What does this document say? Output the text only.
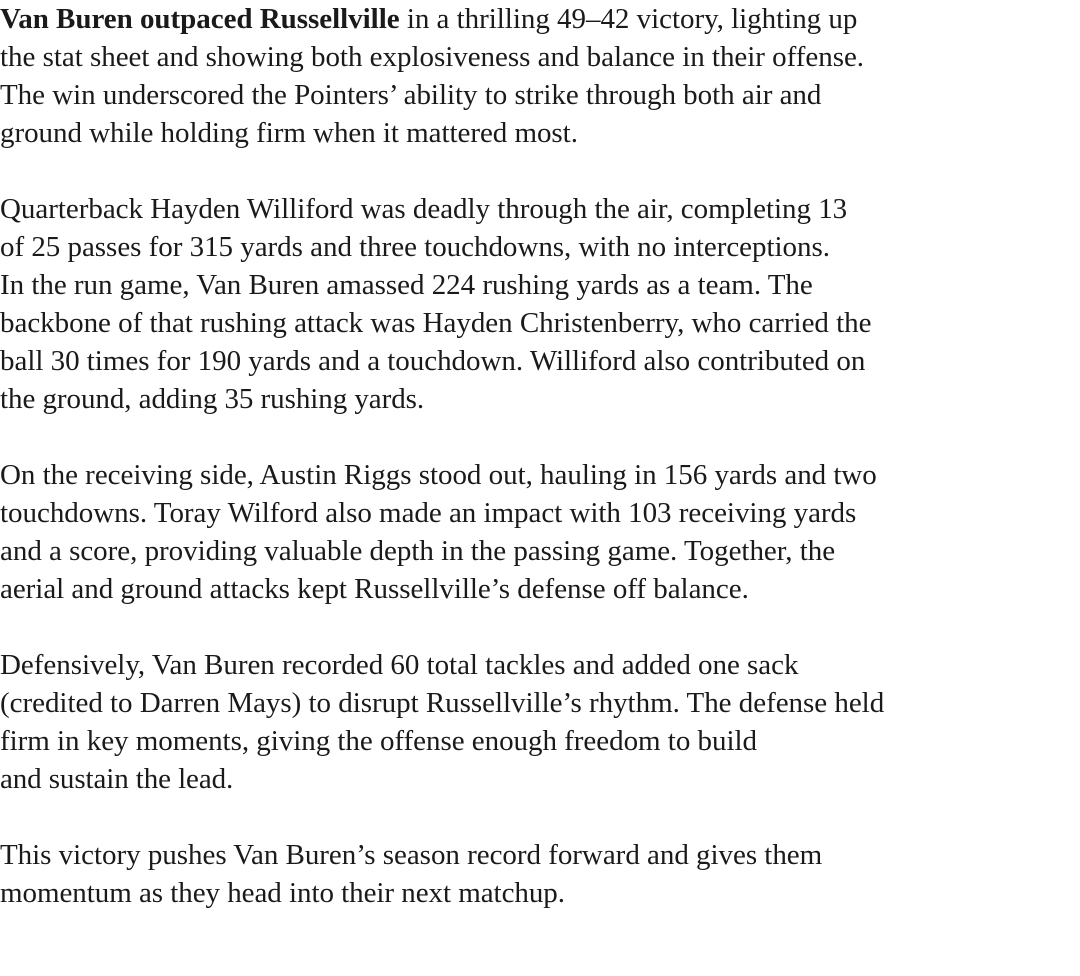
Van Buren outpaced Russellville in a thrilling 49–42 victory, lighting up
the stat sheet and showing both explosiveness and balance in their offense.
The win underscored the Pointers’ ability to strike through both air and
ground while holding firm when it mattered most.

Quarterback Hayden Williford was deadly through the air, completing 13
of 25 passes for 315 yards and three touchdowns, with no interceptions.
In the run game, Van Buren amassed 224 rushing yards as a team. The
backbone of that rushing attack was Hayden Christenberry, who carried the
ball 30 times for 190 yards and a touchdown. Williford also contributed on
the ground, adding 35 rushing yards.

On the receiving side, Austin Riggs stood out, hauling in 156 yards and two
touchdowns. Toray Wilford also made an impact with 103 receiving yards
and a score, providing valuable depth in the passing game. Together, the
aerial and ground attacks kept Russellville’s defense off balance.

Defensively, Van Buren recorded 60 total tackles and added one sack
(credited to Darren Mays) to disrupt Russellville’s rhythm. The defense held
firm in key moments, giving the offense enough freedom to build
and sustain the lead.

This victory pushes Van Buren’s season record forward and gives them
momentum as they head into their next matchup.
